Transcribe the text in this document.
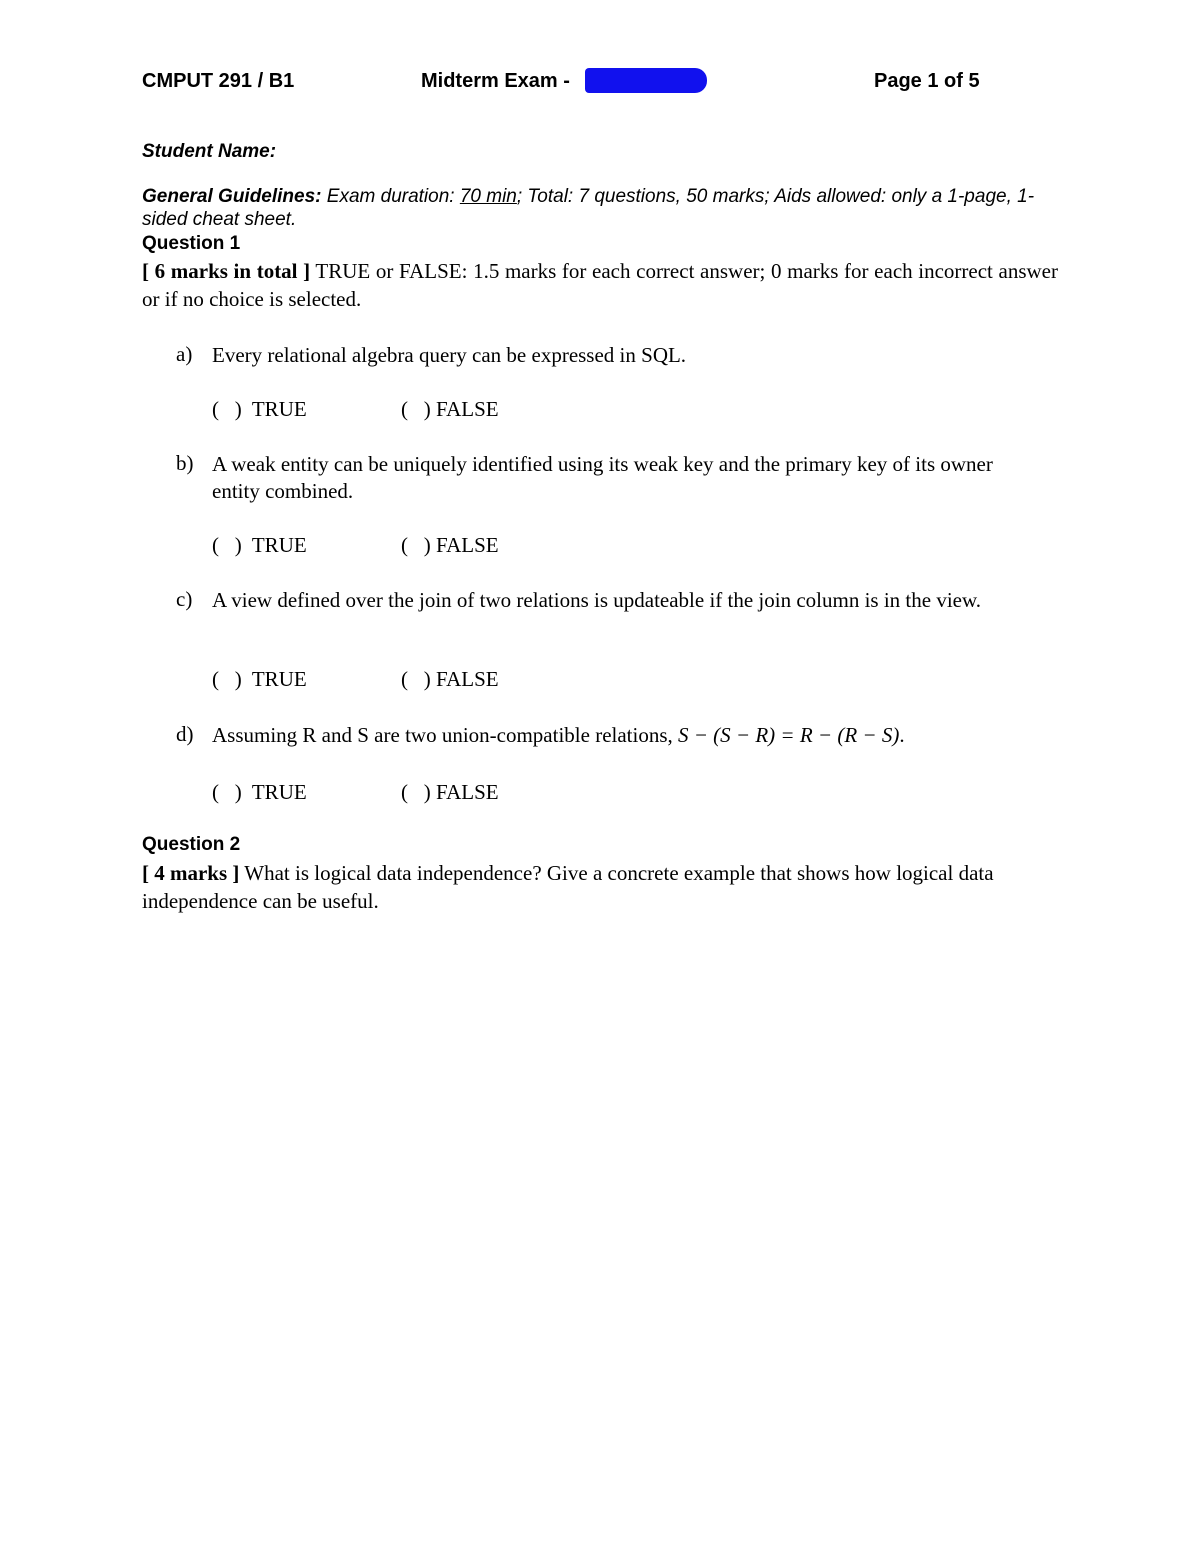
CMPUT 291 / B1	Midterm Exam -	Page 1 of 5
Student Name:
General Guidelines: Exam duration: 70 min; Total: 7 questions, 50 marks; Aids allowed: only a 1-page, 1-sided cheat sheet.
Question 1
[ 6 marks in total ] TRUE or FALSE: 1.5 marks for each correct answer; 0 marks for each incorrect answer or if no choice is selected.
a) Every relational algebra query can be expressed in SQL.
(   )  TRUE	(   ) FALSE
b) A weak entity can be uniquely identified using its weak key and the primary key of its owner entity combined.
(   )  TRUE	(   ) FALSE
c) A view defined over the join of two relations is updateable if the join column is in the view.
(   )  TRUE	(   ) FALSE
d) Assuming R and S are two union-compatible relations, S − (S − R) = R − (R − S).
(   )  TRUE	(   ) FALSE
Question 2
[ 4 marks ] What is logical data independence? Give a concrete example that shows how logical data independence can be useful.
